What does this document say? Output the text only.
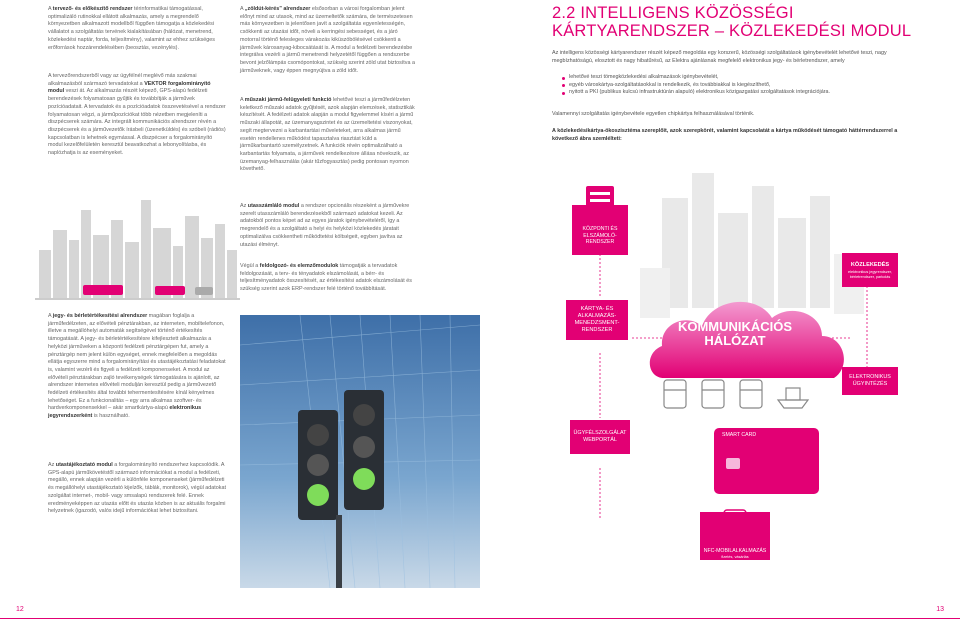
A tervező- és előkészítő rendszer térinformatikai támogatással, optimalizáló rutinokkal ellátott alkalmazás, amely a megrendelő környezetben alkalmazott modellből függően támogatja a közlekedési vállalatot a szolgáltatás tervének kialakításában (hálózat, menetrend, közlekedési naptár, forda, teljesítmény), valamint az ehhez szükséges erőforrások hozzárendelésében (beosztás, vezénylés).
A tervezőrendszerből vagy az ügyfélnél meglévő más szakmai alkalmazásból származó tervadatokat a VEKTOR forgalomirányító modul veszi át. Az alkalmazás részét képező, GPS-alapú fedélzeti berendezések folyamatosan gyűjtik és továbbítják a járművek pozícióadatait. A tervadatok és a pozícióadatok összevetésével a rendszer folyamatosan végzi, a járműpozíciókat több nézetben megjeleníti a diszpécserek számára. Az integrált kommunikációs alrendszer révén a diszpécserek és a járművezetők írásbeli (üzenetküldés) és szóbeli (rádiós) kapcsolatban is lehetnek egymással. A diszpécser a forgalomirányító modul kezelőfelületén keresztül beavatkozhat a lebonyolításba, és naplózhatja is az eseményeket.
A jegy- és bérletértékesítési alrendszer magában foglalja a járműfedélzeten, az elővételi pénztárakban, az interneten, mobiltelefonon, illetve a megállóhelyi automaták segítségével történő értékesítés támogatását. A jegy- és bérletértékesítésre kifejlesztett alkalmazás a helyközi járműveken a központi fedélzeti pénztárgépen fut, amely a pénztárgép nem jelent külön egységet, ennek megfelelően a megoldás ellátja egyszerre mind a forgalomirányítási és utastájékoztatási feladatokat is, valamint vezérli és figyeli a fedélzeti komponenseket. A modul az elővételi pénztárakban zajló tevékenységek támogatására is ajánlott, az alrendszer internetes elővételi modulján keresztül pedig a járművezető fedélzeti értékesítés által további tehermentesítésére kínál kényelmes lehetőséget. Ez a funkcionalitás – egy arra alkalmas szoftver- és hardverkomponensekkel – akár smartkártya-alapú elektronikus jegyrendszerként is használható.
Az utastájékoztató modul a forgalomirányító rendszerhez kapcsolódik. A GPS-alapú járműkövetéstől származó információkat a modul a fedélzeti, megálló, ennek alapján vezérli a különféle komponenseket (járműfedélzeti és megállóhelyi utastájékoztató kijelzők, táblák, monitorok), végül adatokat szolgáltat internet-, mobil- vagy smsalapú rendszerek felé. Ennek eredményeképpen az utazás előtt és utazás közben is az aktuális forgalmi helyzetnek (igazodó, valós idejű információkat lehet biztosítani.
A „zöldút-kérés” alrendszer elsősorban a városi forgalomban jelent előnyt mind az utasok, mind az üzemeltetők számára, de természetesen más környezetben is jelentősen javít a szolgáltatás egyenletességén, csökkenti az utazási időt, növeli a kerringési sebességet, és a járó motorral történő felesleges várakozás kiküszöbölésével csökkenti a járművek károsanyag-kibocsátását is. A modul a fedélzeti berendezésbe integrálva vezérli a jármű menetrendi helyzetétől függően a rendszerbe bevont jelzőlámpás csomópontokat, szükség szerint zöld utat biztosítva a járműveknek, vagy éppen megnyújtva a zöld időt.
A műszaki jármű-felügyeleti funkció lehetővé teszi a járműfedélzeten keletkező műszaki adatok gyűjtését, azok alapján elemzések, statisztikák készítését. A fedélzeti adatok alapján a modul figyelemmel kíséri a jármű műszaki állapotát, az üzemanyagszintet és az üzemeltetési viszonyokat, segít megtervezni a karbantartási műveleteket, arra alkalmas jármű esetén rendellenes működést tapasztalva riasztást küld a járműkarbantartó személyzetnek. A funkciók révén optimalizálható a karbantartás folyamata, a járművek rendelkezésre állása növekszik, az üzemanyag-felhasználás (akár tűzfogyasztás) pedig pontosan nyomon követhető.
Az utasszámláló modul a rendszer opcionális részeként a járművekre szerelt utasszámláló berendezésekből származó adatokat kezeli. Az adatokból pontos képet ad az egyes járatok igénybevételéről, így a megrendelő és a szolgáltató a helyi és helyközi közlekedés járatait optimalizálva csökkentheti működtetési költségeit, egyben javítva az utazási élményt.
Végül a feldolgozó- és elemzőmodulok támogatják a tervadatok feldolgozását, a terv- és tényadatok elszámolását, a bérr- és teljesítményadatok összesítését, az értékesítési adatok elszámolását és szükség szerint azok ERP-rendszer felé történő továbbítását.
12
2.2 INTELLIGENS KÖZÖSSÉGI
KÁRTYARENDSZER – KÖZLEKEDÉSI MODUL
Az intelligens közösségi kártyarendszer részét képező megoldás egy korszerű, közösségi szolgáltatások igénybevételét lehetővé teszi, nagy megbízhatóságú, elosztott és nagy hibatűrésű, az Elektra ajánlásnak megfelelő elektronikus jegy- és bérletrendszer, amely
lehetővé teszi tömegközlekedési alkalmazások igénybevételét,
egyéb városkártya-szolgáltatásokkal is rendelkezik, és továbbiakkal is kiegészíthető,
nyitott a PKI (publikus kulcsú infrastruktúrán alapuló) elektronikus közigazgatási szolgáltatások integrációjára.
Valamennyi szolgáltatás igénybevétele egyetlen chipkártya felhasználásával történik.
A közlekedésikártya-ökoszisztéma szereplőit, azok szerepkörét, valamint kapcsolatát a kártya működését támogató háttérrendszerrel a következő ábra szemlélteti:
KÖZPONTI ÉS ELSZÁMOLÓ-RENDSZER
KÖZLEKEDÉS
elektronikus jegyrendszer, bérletrendszer, parkolás
KÁRTYA- ÉS ALKALMAZÁS-MENEDZSMENT-RENDSZER	KOMMUNIKÁCIÓS HÁLÓZAT
ELEKTRONIKUS ÜGYINTÉZÉS
ÜGYFÉLSZOLGÁLAT WEBPORTÁL
SMART CARD
NFC-MOBILALKALMAZÁS
fizetés, vásárlás
13
